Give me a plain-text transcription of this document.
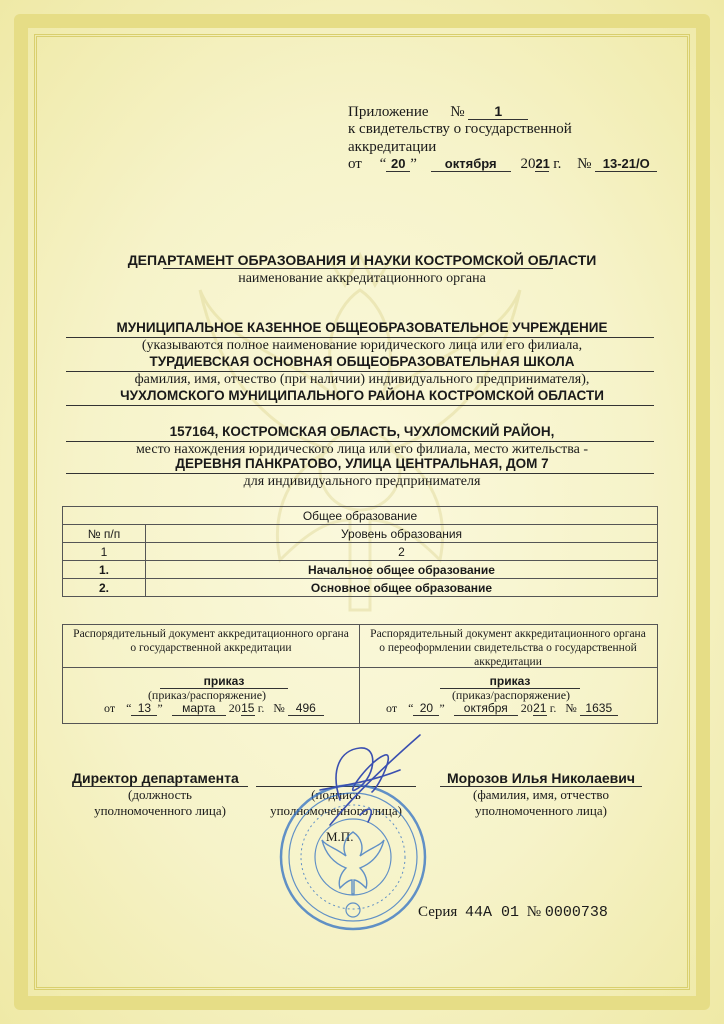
Приложение № 1
к свидетельству о государственной
аккредитации
от “ 20 ” октября 2021 г. № 13-21/О
ДЕПАРТАМЕНТ ОБРАЗОВАНИЯ И НАУКИ КОСТРОМСКОЙ ОБЛАСТИ
наименование аккредитационного органа
МУНИЦИПАЛЬНОЕ КАЗЕННОЕ ОБЩЕОБРАЗОВАТЕЛЬНОЕ УЧРЕЖДЕНИЕ
(указываются полное наименование юридического лица или его филиала,
ТУРДИЕВСКАЯ ОСНОВНАЯ ОБЩЕОБРАЗОВАТЕЛЬНАЯ ШКОЛА
фамилия, имя, отчество (при наличии) индивидуального предпринимателя),
ЧУХЛОМСКОГО МУНИЦИПАЛЬНОГО РАЙОНА КОСТРОМСКОЙ ОБЛАСТИ
157164, КОСТРОМСКАЯ ОБЛАСТЬ, ЧУХЛОМСКИЙ РАЙОН,
место нахождения юридического лица или его филиала, место жительства -
ДЕРЕВНЯ ПАНКРАТОВО, УЛИЦА ЦЕНТРАЛЬНАЯ, ДОМ 7
для индивидуального предпринимателя
Общее образование	
№ п/п	Уровень образования
1	2
1.	Начальное общее образование
2.	Основное общее образование
Распорядительный документ аккредитационного органа о государственной аккредитации
Распорядительный документ аккредитационного органа о переоформлении свидетельства о государственной аккредитации
приказ
(приказ/распоряжение)
от “ 13 ” марта 2015 г. № 496
приказ
(приказ/распоряжение)
от “ 20 ” октября 2021 г. № 1635
Директор департамента
(должность
уполномоченного лица)
(подпись
уполномоченного лица)
М.П.
Морозов Илья Николаевич
(фамилия, имя, отчество
уполномоченного лица)
Серия 44А 01 № 0000738
